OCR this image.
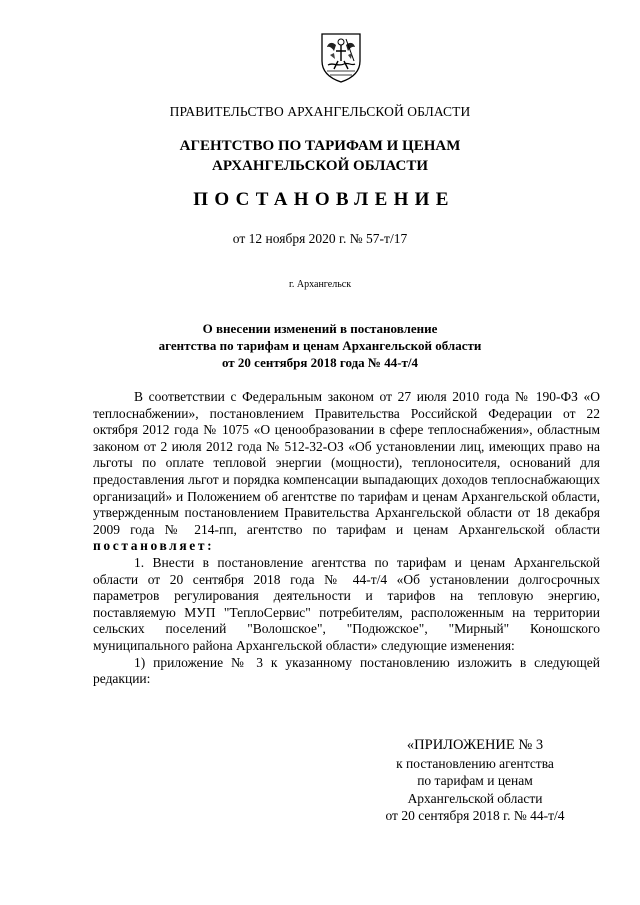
ПРАВИТЕЛЬСТВО АРХАНГЕЛЬСКОЙ ОБЛАСТИ
АГЕНТСТВО ПО ТАРИФАМ И ЦЕНАМ
АРХАНГЕЛЬСКОЙ ОБЛАСТИ
ПОСТАНОВЛЕНИЕ
от 12 ноября 2020 г. № 57-т/17
г. Архангельск
О внесении изменений в постановление
агентства по тарифам и ценам Архангельской области
от 20 сентября 2018 года № 44-т/4

В соответствии с Федеральным законом от 27 июля 2010 года № 190-ФЗ «О теплоснабжении», постановлением Правительства Российской Федерации от 22 октября 2012 года № 1075 «О ценообразовании в сфере теплоснабжения», областным законом от 2 июля 2012 года № 512-32-ОЗ «Об установлении лиц, имеющих право на льготы по оплате тепловой энергии (мощности), теплоносителя, оснований для предоставления льгот и порядка компенсации выпадающих доходов теплоснабжающих организаций» и Положением об агентстве по тарифам и ценам Архангельской области, утвержденным постановлением Правительства Архангельской области от 18 декабря 2009 года № 214-пп, агентство по тарифам и ценам Архангельской области постановляет:

1. Внести в постановление агентства по тарифам и ценам Архангельской области от 20 сентября 2018 года № 44-т/4 «Об установлении долгосрочных параметров регулирования деятельности и тарифов на тепловую энергию, поставляемую МУП "ТеплоСервис" потребителям, расположенным на территории сельских поселений "Волошское", "Подюжское", "Мирный" Коношского муниципального района Архангельской области» следующие изменения:

1) приложение № 3 к указанному постановлению изложить в следующей редакции:

«ПРИЛОЖЕНИЕ № 3
к постановлению агентства
по тарифам и ценам
Архангельской области
от 20 сентября 2018 г. № 44-т/4
